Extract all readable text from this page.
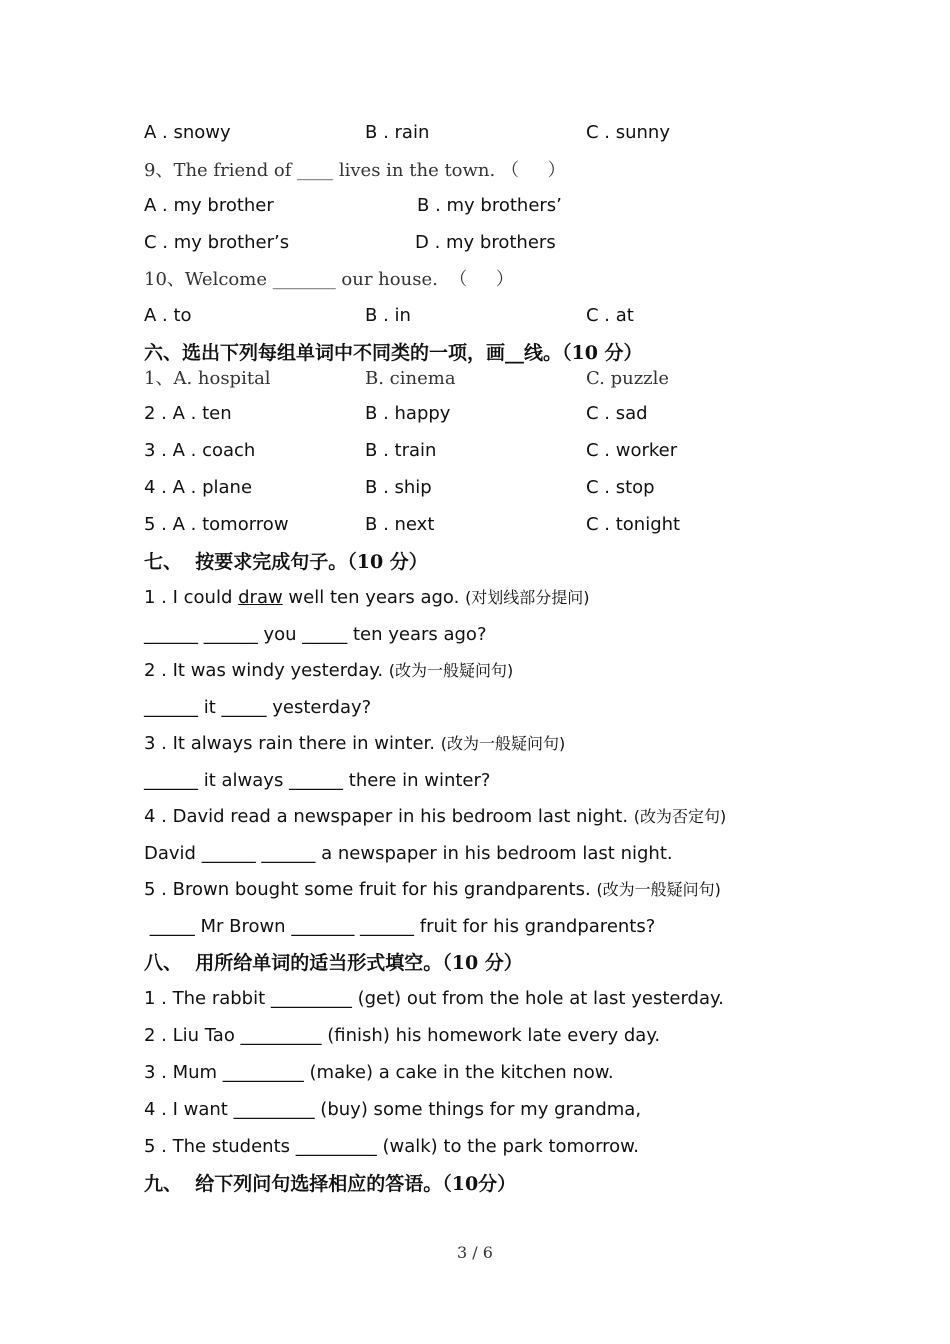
A . snowy	B . rain	C . sunny
9、The friend of ____ lives in the town. （     ）
A . my brother	B . my brothers’
C . my brother’s	D . my brothers
10、Welcome _______ our house.  （     ）
A . to	B . in	C . at
六、选出下列每组单词中不同类的一项，画__线。（10 分）
1、A. hospital	B. cinema	C. puzzle
2 . A . ten	B . happy	C . sad
3 . A . coach	B . train	C . worker
4 . A . plane	B . ship	C . stop
5 . A . tomorrow	B . next	C . tonight
七、  按要求完成句子。（10 分）
1 . I could draw well ten years ago. (对划线部分提问)
______ ______ you _____ ten years ago?
2 . It was windy yesterday. (改为一般疑问句)
______ it _____ yesterday?
3 . It always rain there in winter. (改为一般疑问句)
______ it always ______ there in winter?
4 . David read a newspaper in his bedroom last night. (改为否定句)
David ______ ______ a newspaper in his bedroom last night.
5 . Brown bought some fruit for his grandparents. (改为一般疑问句)
_____ Mr Brown _______ ______ fruit for his grandparents?
八、  用所给单词的适当形式填空。（10 分）
1 . The rabbit _________ (get) out from the hole at last yesterday.
2 . Liu Tao _________ (finish) his homework late every day.
3 . Mum _________ (make) a cake in the kitchen now.
4 . I want _________ (buy) some things for my grandma,
5 . The students _________ (walk) to the park tomorrow.
九、  给下列问句选择相应的答语。（10分）
3 / 6
